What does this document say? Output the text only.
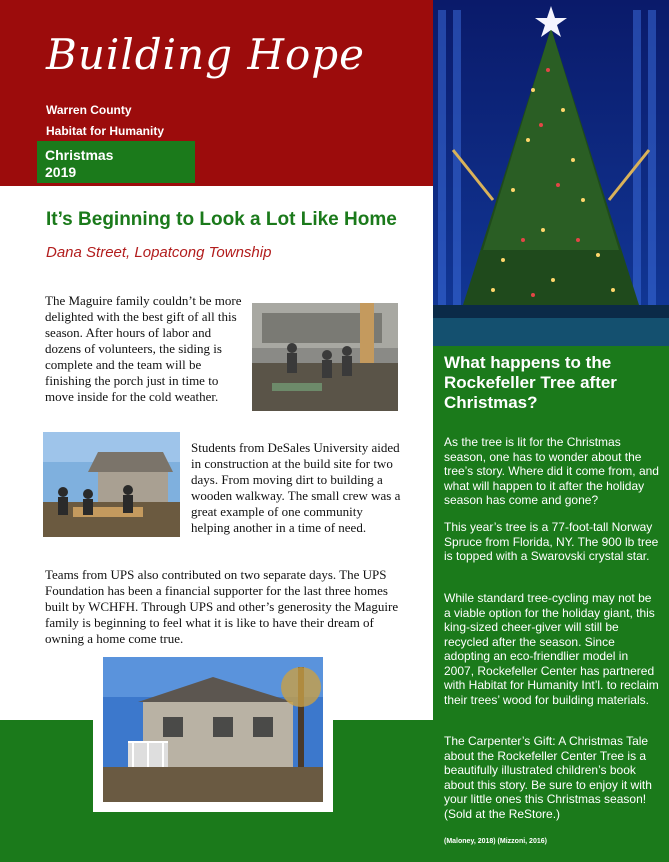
Building Hope
Warren County
Habitat for Humanity
Christmas
2019
What happens to the Rockefeller Tree after Christmas?
As the tree is lit for the Christmas season, one has to wonder about the tree’s story. Where did it come from, and what will happen to it after the holiday season has come and gone?
This year’s tree is a 77-foot-tall Norway Spruce from Florida, NY. The 900 lb tree is topped with a Swarovski crystal star.
While standard tree-cycling may not be a viable option for the holiday giant, this king-sized cheer-giver will still be recycled after the season. Since adopting an eco-friendlier model in 2007, Rockefeller Center has partnered with Habitat for Humanity Int’l. to reclaim their trees’ wood for building materials.
The Carpenter’s Gift: A Christmas Tale about the Rockefeller Center Tree is a beautifully illustrated children’s book about this story. Be sure to enjoy it with your little ones this Christmas season! (Sold at the ReStore.)
(Maloney, 2018) (Mizzoni, 2016)
It’s Beginning to Look a Lot Like Home
Dana Street, Lopatcong Township
The Maguire family couldn’t be more delighted with the best gift of all this season. After hours of labor and dozens of volunteers, the siding is complete and the team will be finishing the porch just in time to move inside for the cold weather.
Students from DeSales University aided in construction at the build site for two days. From moving dirt to building a wooden walkway. The small crew was a great example of one community helping another in a time of need.
Teams from UPS also contributed on two separate days. The UPS Foundation has been a financial supporter for the last three homes built by WCHFH. Through UPS and other’s generosity the Maguire family is beginning to feel what it is like to have their dream of owning a home come true.
